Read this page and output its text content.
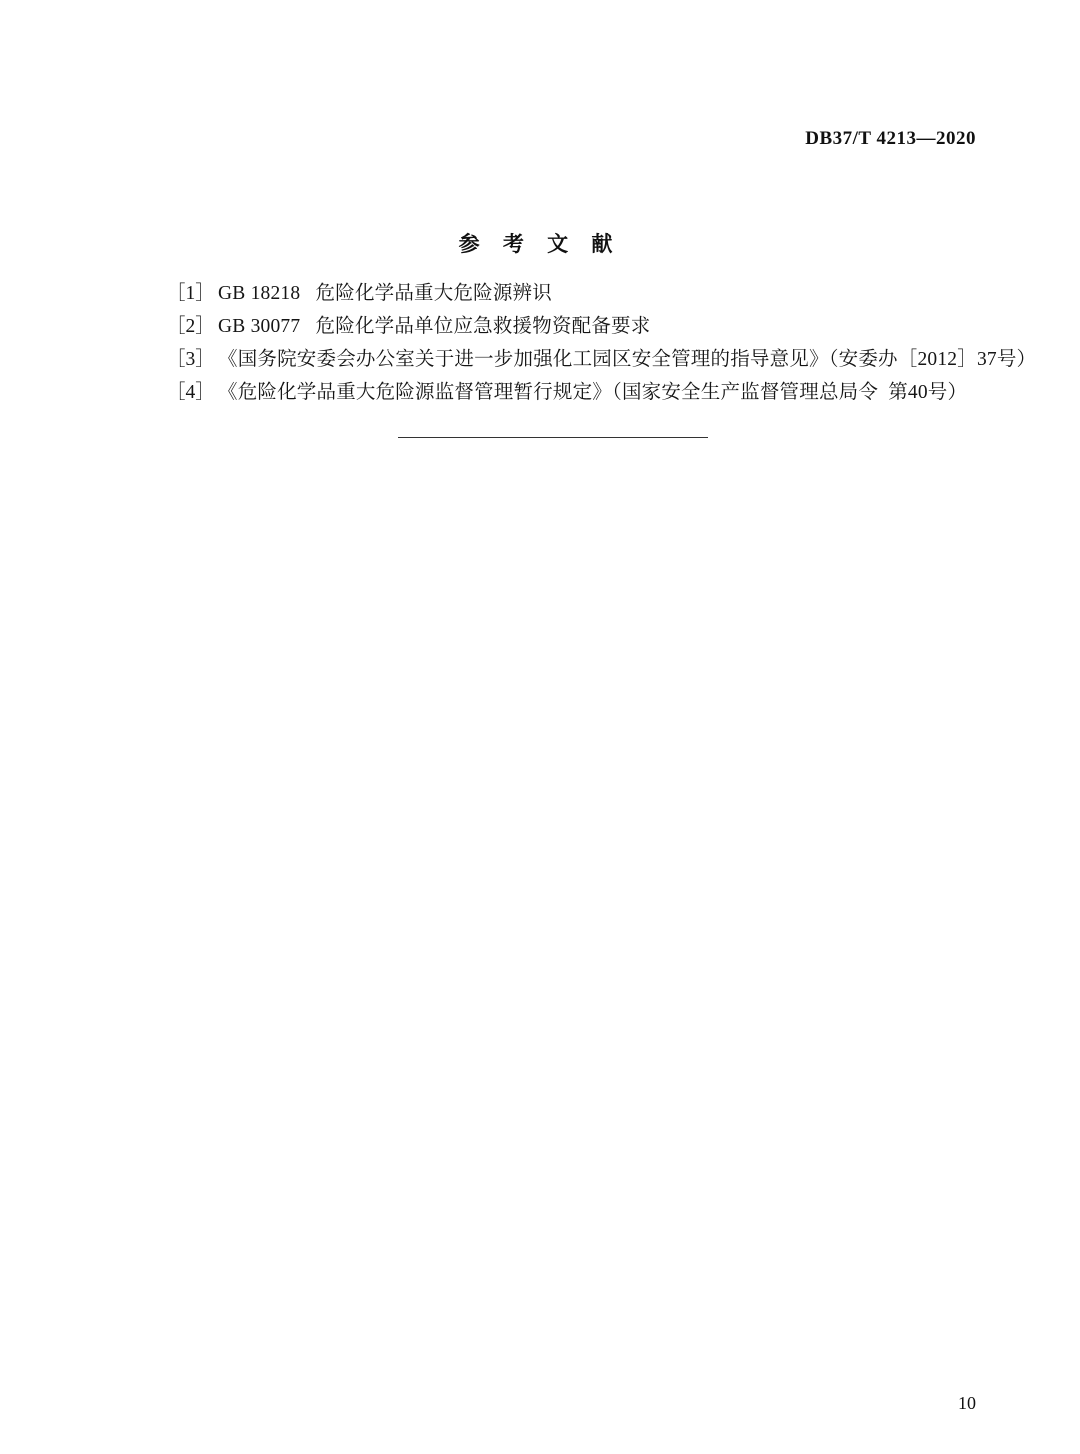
DB37/T 4213—2020
参 考 文 献
［1］ GB 18218   危险化学品重大危险源辨识
［2］ GB 30077   危险化学品单位应急救援物资配备要求
［3］ 《国务院安委会办公室关于进一步加强化工园区安全管理的指导意见》（安委办［2012］37号）
［4］ 《危险化学品重大危险源监督管理暂行规定》（国家安全生产监督管理总局令  第40号）
10
